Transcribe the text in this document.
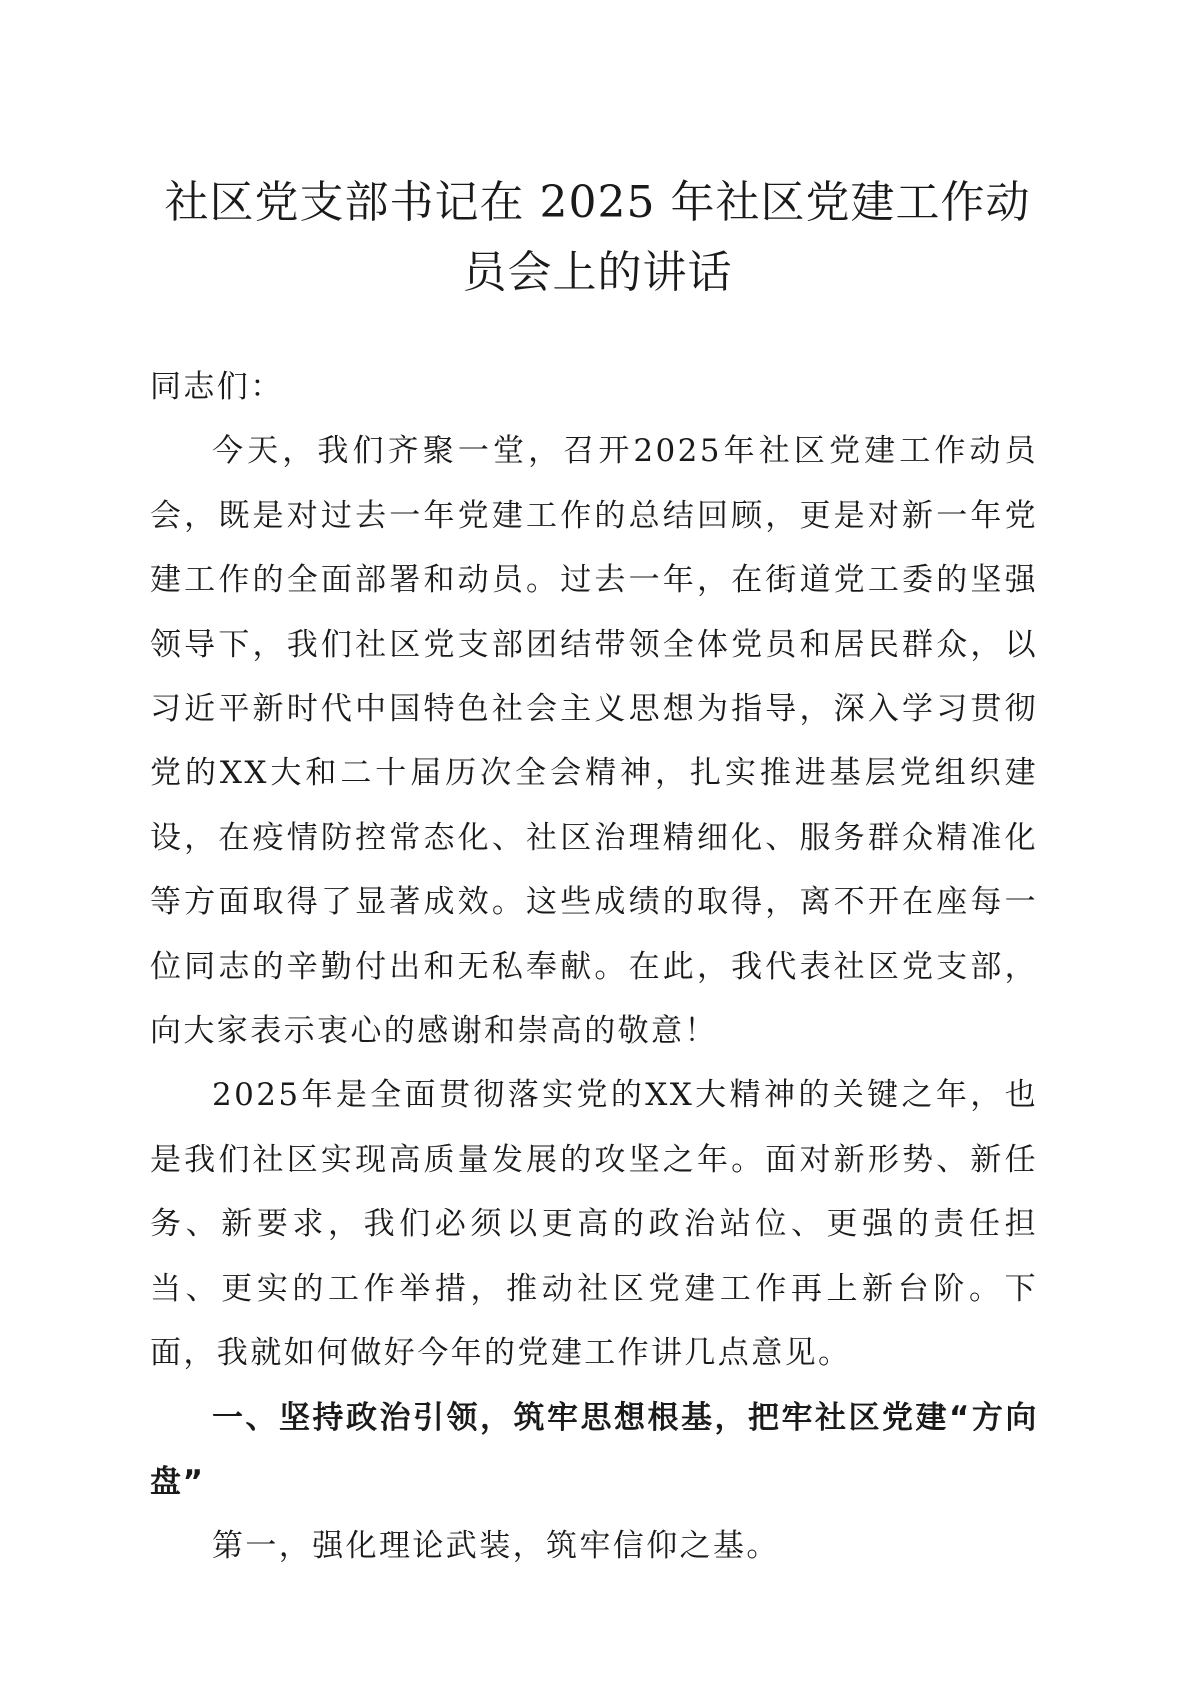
社区党支部书记在 2025 年社区党建工作动员会上的讲话

同志们：

今天，我们齐聚一堂，召开2025年社区党建工作动员会，既是对过去一年党建工作的总结回顾，更是对新一年党建工作的全面部署和动员。过去一年，在街道党工委的坚强领导下，我们社区党支部团结带领全体党员和居民群众，以习近平新时代中国特色社会主义思想为指导，深入学习贯彻党的XX大和二十届历次全会精神，扎实推进基层党组织建设，在疫情防控常态化、社区治理精细化、服务群众精准化等方面取得了显著成效。这些成绩的取得，离不开在座每一位同志的辛勤付出和无私奉献。在此，我代表社区党支部，向大家表示衷心的感谢和崇高的敬意！

2025年是全面贯彻落实党的XX大精神的关键之年，也是我们社区实现高质量发展的攻坚之年。面对新形势、新任务、新要求，我们必须以更高的政治站位、更强的责任担当、更实的工作举措，推动社区党建工作再上新台阶。下面，我就如何做好今年的党建工作讲几点意见。

一、坚持政治引领，筑牢思想根基，把牢社区党建“方向盘”

第一，强化理论武装，筑牢信仰之基。
